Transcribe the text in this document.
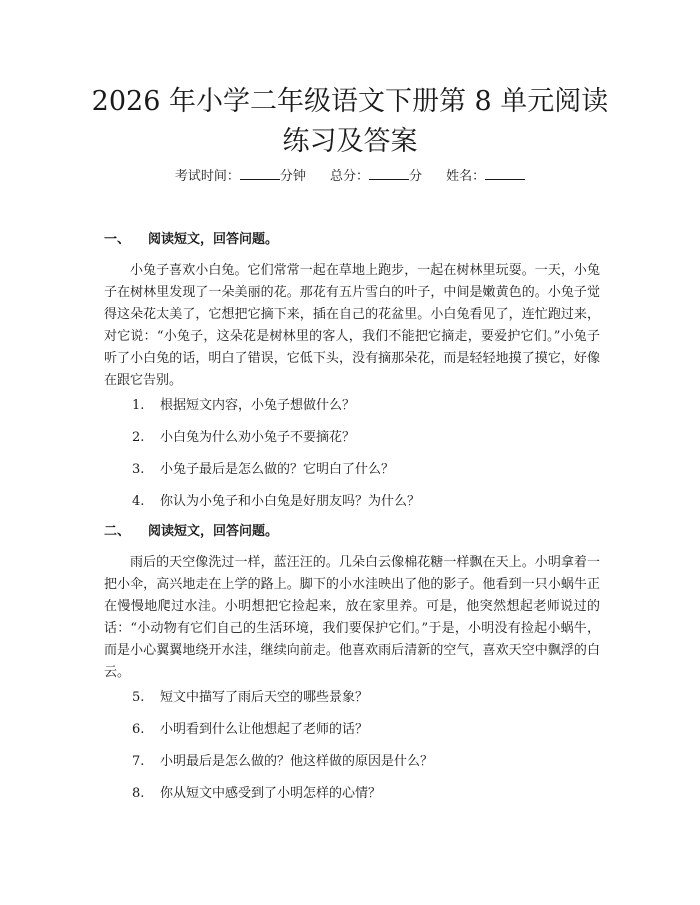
2026 年小学二年级语文下册第 8 单元阅读练习及答案
考试时间：	分钟 总分：	分 姓名：
一、 阅读短文，回答问题。

小兔子喜欢小白兔。它们常常一起在草地上跑步，一起在树林里玩耍。一天，小兔子在树林里发现了一朵美丽的花。那花有五片雪白的叶子，中间是嫩黄色的。小兔子觉得这朵花太美了，它想把它摘下来，插在自己的花盆里。小白兔看见了，连忙跑过来，对它说：“小兔子，这朵花是树林里的客人，我们不能把它摘走，要爱护它们。”小兔子听了小白兔的话，明白了错误，它低下头，没有摘那朵花，而是轻轻地摸了摸它，好像在跟它告别。

1. 根据短文内容，小兔子想做什么？
2. 小白兔为什么劝小兔子不要摘花？
3. 小兔子最后是怎么做的？它明白了什么？
4. 你认为小兔子和小白兔是好朋友吗？为什么？
二、 阅读短文，回答问题。

雨后的天空像洗过一样，蓝汪汪的。几朵白云像棉花糖一样飘在天上。小明拿着一把小伞，高兴地走在上学的路上。脚下的小水洼映出了他的影子。他看到一只小蜗牛正在慢慢地爬过水洼。小明想把它捡起来，放在家里养。可是，他突然想起老师说过的话：“小动物有它们自己的生活环境，我们要保护它们。”于是，小明没有捡起小蜗牛，而是小心翼翼地绕开水洼，继续向前走。他喜欢雨后清新的空气，喜欢天空中飘浮的白云。

5. 短文中描写了雨后天空的哪些景象？
6. 小明看到什么让他想起了老师的话？
7. 小明最后是怎么做的？他这样做的原因是什么？
8. 你从短文中感受到了小明怎样的心情？
